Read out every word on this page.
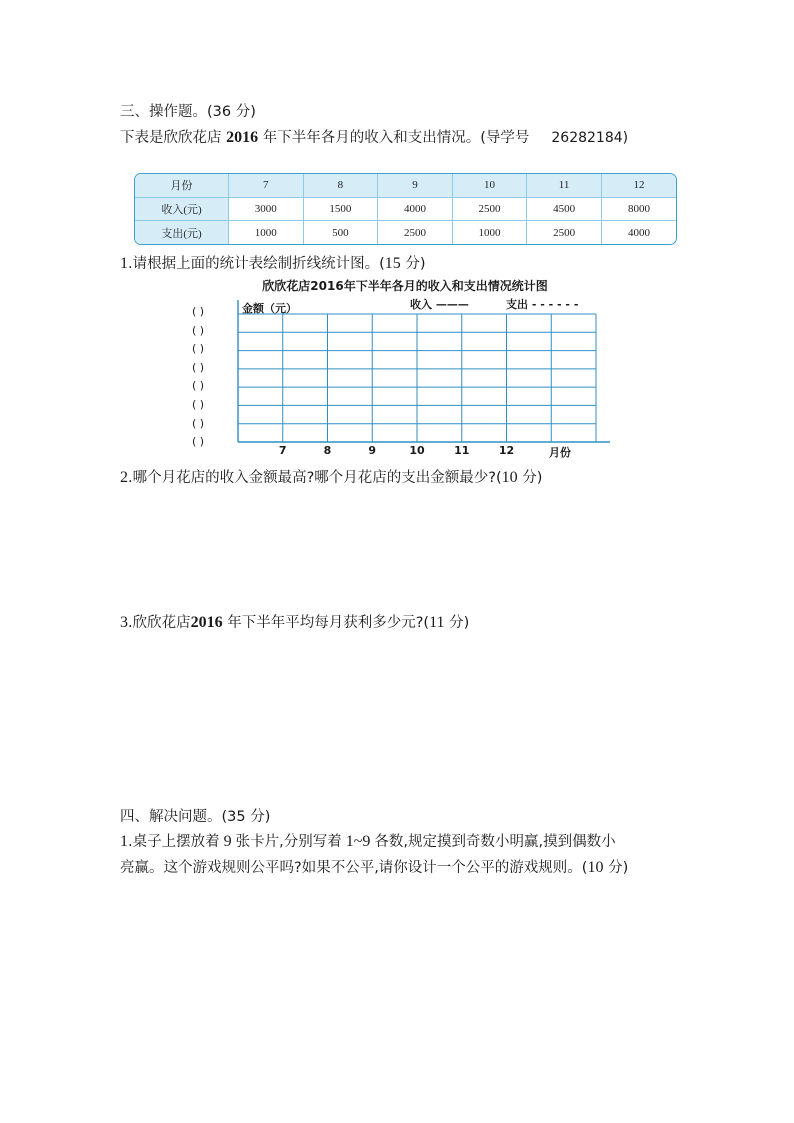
三、操作题。(36 分)
下表是欣欣花店 2016 年下半年各月的收入和支出情况。(导学号 26282184)
月份	7	8	9	10	11	12
收入(元)	3000	1500	4000	2500	4500	8000
支出(元)	1000	500	2500	1000	2500	4000
1.请根据上面的统计表绘制折线统计图。(15 分)
欣欣花店2016年下半年各月的收入和支出情况统计图
金额（元）	收入 ———	支出 - - - - - -
( )
( )
( )
( )
( )
( )
( )
( )
7	8	9	10	11	12	月份
2.哪个月花店的收入金额最高?哪个月花店的支出金额最少?(10 分)
3.欣欣花店2016 年下半年平均每月获利多少元?(11 分)
四、解决问题。(35 分)
1.桌子上摆放着 9 张卡片,分别写着 1~9 各数,规定摸到奇数小明赢,摸到偶数小
亮赢。这个游戏规则公平吗?如果不公平,请你设计一个公平的游戏规则。(10 分)
